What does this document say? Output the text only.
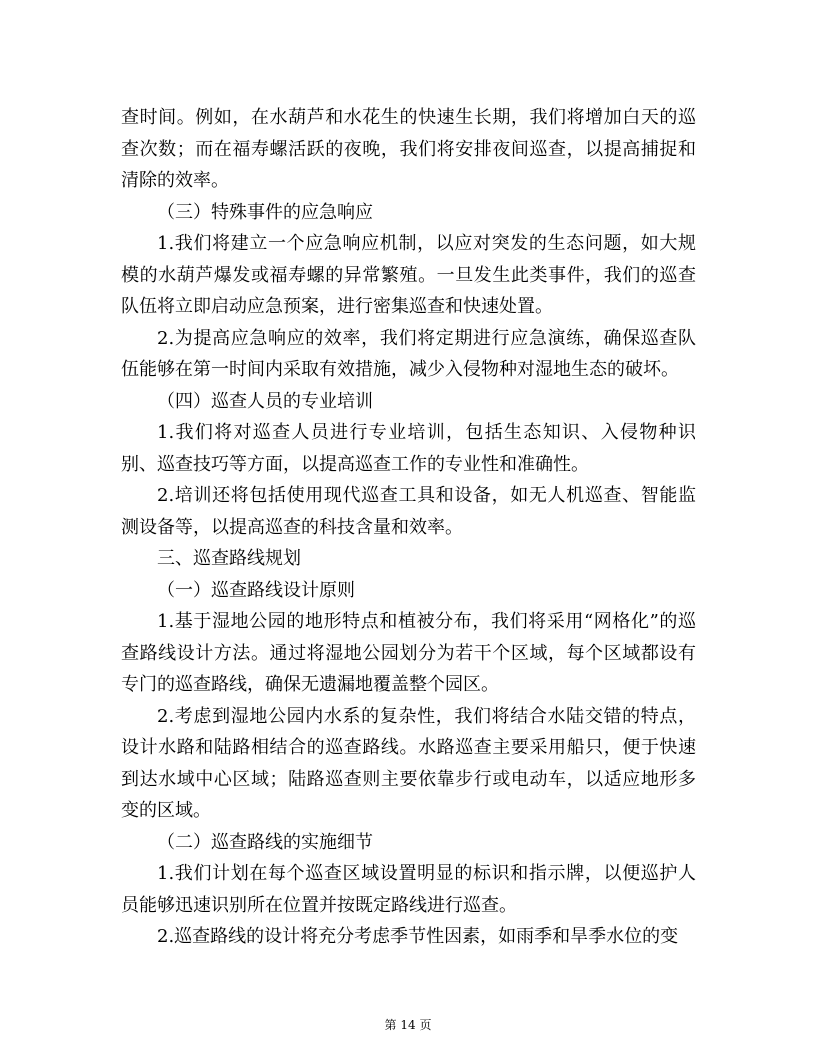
查时间。例如，在水葫芦和水花生的快速生长期，我们将增加白天的巡查次数；而在福寿螺活跃的夜晚，我们将安排夜间巡查，以提高捕捉和清除的效率。

（三）特殊事件的应急响应

1.我们将建立一个应急响应机制，以应对突发的生态问题，如大规模的水葫芦爆发或福寿螺的异常繁殖。一旦发生此类事件，我们的巡查队伍将立即启动应急预案，进行密集巡查和快速处置。

2.为提高应急响应的效率，我们将定期进行应急演练，确保巡查队伍能够在第一时间内采取有效措施，减少入侵物种对湿地生态的破坏。

（四）巡查人员的专业培训

1.我们将对巡查人员进行专业培训，包括生态知识、入侵物种识别、巡查技巧等方面，以提高巡查工作的专业性和准确性。

2.培训还将包括使用现代巡查工具和设备，如无人机巡查、智能监测设备等，以提高巡查的科技含量和效率。

三、巡查路线规划

（一）巡查路线设计原则

1.基于湿地公园的地形特点和植被分布，我们将采用“网格化”的巡查路线设计方法。通过将湿地公园划分为若干个区域，每个区域都设有专门的巡查路线，确保无遗漏地覆盖整个园区。

2.考虑到湿地公园内水系的复杂性，我们将结合水陆交错的特点，设计水路和陆路相结合的巡查路线。水路巡查主要采用船只，便于快速到达水域中心区域；陆路巡查则主要依靠步行或电动车，以适应地形多变的区域。

（二）巡查路线的实施细节

1.我们计划在每个巡查区域设置明显的标识和指示牌，以便巡护人员能够迅速识别所在位置并按既定路线进行巡查。

2.巡查路线的设计将充分考虑季节性因素，如雨季和旱季水位的变

第 14 页
